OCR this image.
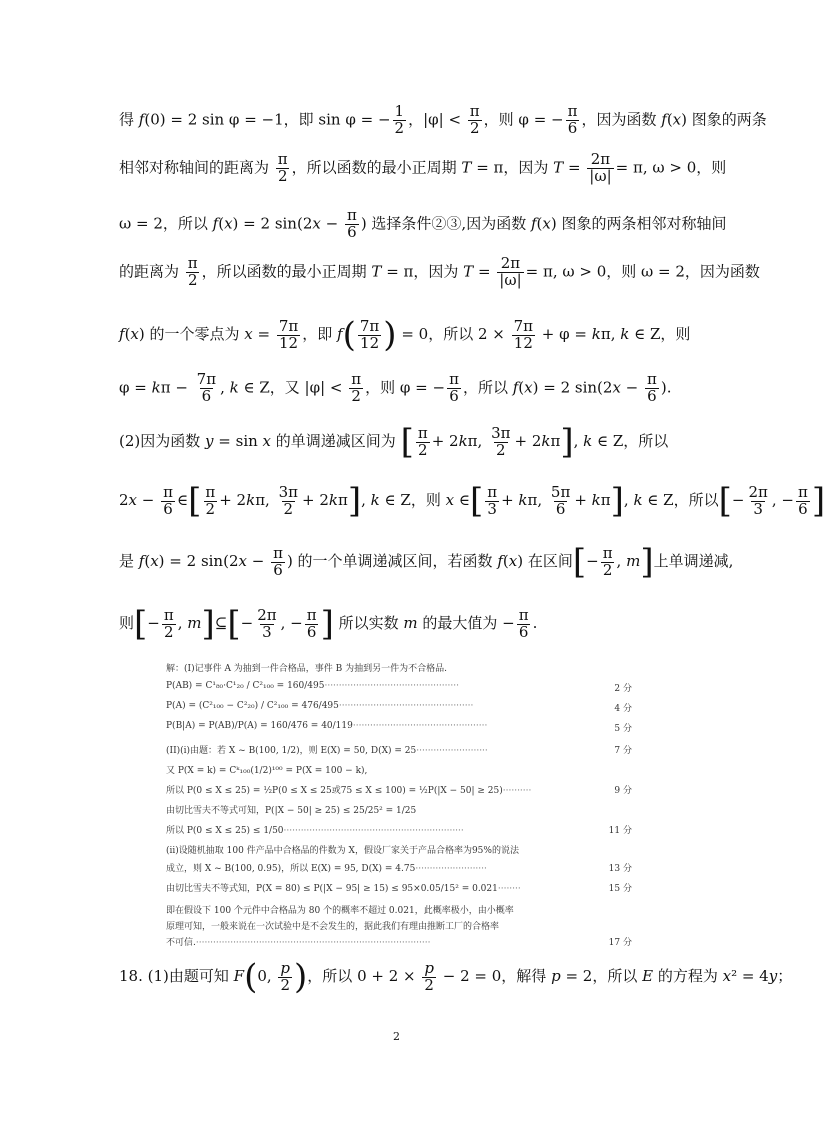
得 f(0) = 2 sin φ = −1，即 sin φ = − $\frac{1}{2}$ ，$|\varphi| < \frac{\pi}{2}$ ，则 φ = − $\frac{\pi}{6}$ ，因为函数 f(x) 图象的两条
相邻对称轴间的距离为 $\frac{\pi}{2}$ ，所以函数的最小正周期 T = π，因为 $T = \frac{2\pi}{|\omega|} = \pi$, ω > 0，则
ω = 2，所以 f(x) = 2 $\sin(2x - \frac{\pi}{6}$ ) 选择条件②③,因为函数 f(x) 图象的两条相邻对称轴间
的距离为 $\frac{\pi}{2}$ ，所以函数的最小正周期 T = π，因为 $T = \frac{2\pi}{|\omega|} = \pi$, ω > 0，则 ω = 2，因为函数
f(x) 的一个零点为 $x = \frac{7\pi}{12}$ ，即 $f( \frac{7\pi}{12}$ ) = 0，所以 $2 \times \frac{7\pi}{12} + \varphi = k\pi$, k ∈ Z，则
$\varphi = k\pi - \frac{7\pi}{6}$ , k ∈ Z，又 $|\varphi| < \frac{\pi}{2}$ ，则 φ = − $\frac{\pi}{6}$ ，所以 f(x) = 2 $\sin(2x - \frac{\pi}{6}$ ).
(2)因为函数 y = sin x 的单调递减区间为 [ $\frac{\pi}{2} + 2k\pi$, $\frac{3\pi}{2} + 2k\pi$], k ∈ Z，所以
$2x - \frac{\pi}{6}$ ∈[ $\frac{\pi}{2} + 2k\pi$, $\frac{3\pi}{2} + 2k\pi$], k ∈ Z，则 x ∈[ $\frac{\pi}{3} + k\pi$, $\frac{5\pi}{6} + k\pi$], k ∈ Z，所以[− $\frac{2\pi}{3}$ , − $\frac{\pi}{6}$ ]
是 f(x) = 2 $\sin(2x - \frac{\pi}{6}$ ) 的一个单调递减区间，若函数 f(x) 在区间[− $\frac{\pi}{2}$ , m]上单调递减,
则[− $\frac{\pi}{2}$ , m]⊆[− $\frac{2\pi}{3}$ , − $\frac{\pi}{6}$ ] 所以实数 m 的最大值为 − $\frac{\pi}{6}$ .
解：(I)记事件 A 为抽到一件合格品，事件 B 为抽到另一件为不合格品.
P(AB) = C¹₈₀·C¹₂₀ / C²₁₀₀ = 160/495···············································	2 分
P(A) = (C²₁₀₀ − C²₂₀) / C²₁₀₀ = 476/495···············································	4 分
P(B|A) = P(AB)/P(A) = 160/476 = 40/119···············································	5 分
(II)(i)由题：若 X ~ B(100, 1/2)，则 E(X) = 50, D(X) = 25·························	7 分
又 P(X = k) = Cᵏ₁₀₀(1/2)¹⁰⁰ = P(X = 100 − k),
所以 P(0 ≤ X ≤ 25) = ½P(0 ≤ X ≤ 25或75 ≤ X ≤ 100) = ½P(|X − 50| ≥ 25)··········	9 分
由切比雪夫不等式可知，P(|X − 50| ≥ 25) ≤ 25/25² = 1/25
所以 P(0 ≤ X ≤ 25) ≤ 1/50·······························································	11 分
(ii)设随机抽取 100 件产品中合格品的件数为 X，假设厂家关于产品合格率为95%的说法
成立，则 X ~ B(100, 0.95)，所以 E(X) = 95, D(X) = 4.75·························	13 分
由切比雪夫不等式知，P(X = 80) ≤ P(|X − 95| ≥ 15) ≤ 95×0.05/15² = 0.021········	15 分
即在假设下 100 个元件中合格品为 80 个的概率不超过 0.021，此概率极小，由小概率
原理可知，一般来说在一次试验中是不会发生的，据此我们有理由推断工厂的合格率
不可信.··················································································	17 分
18. (1)由题可知 F(0, $\frac{p}{2}$ )，所以 $0 + 2 \times \frac{p}{2} - 2 = 0$，解得 p = 2，所以 E 的方程为 x² = 4y；
2
